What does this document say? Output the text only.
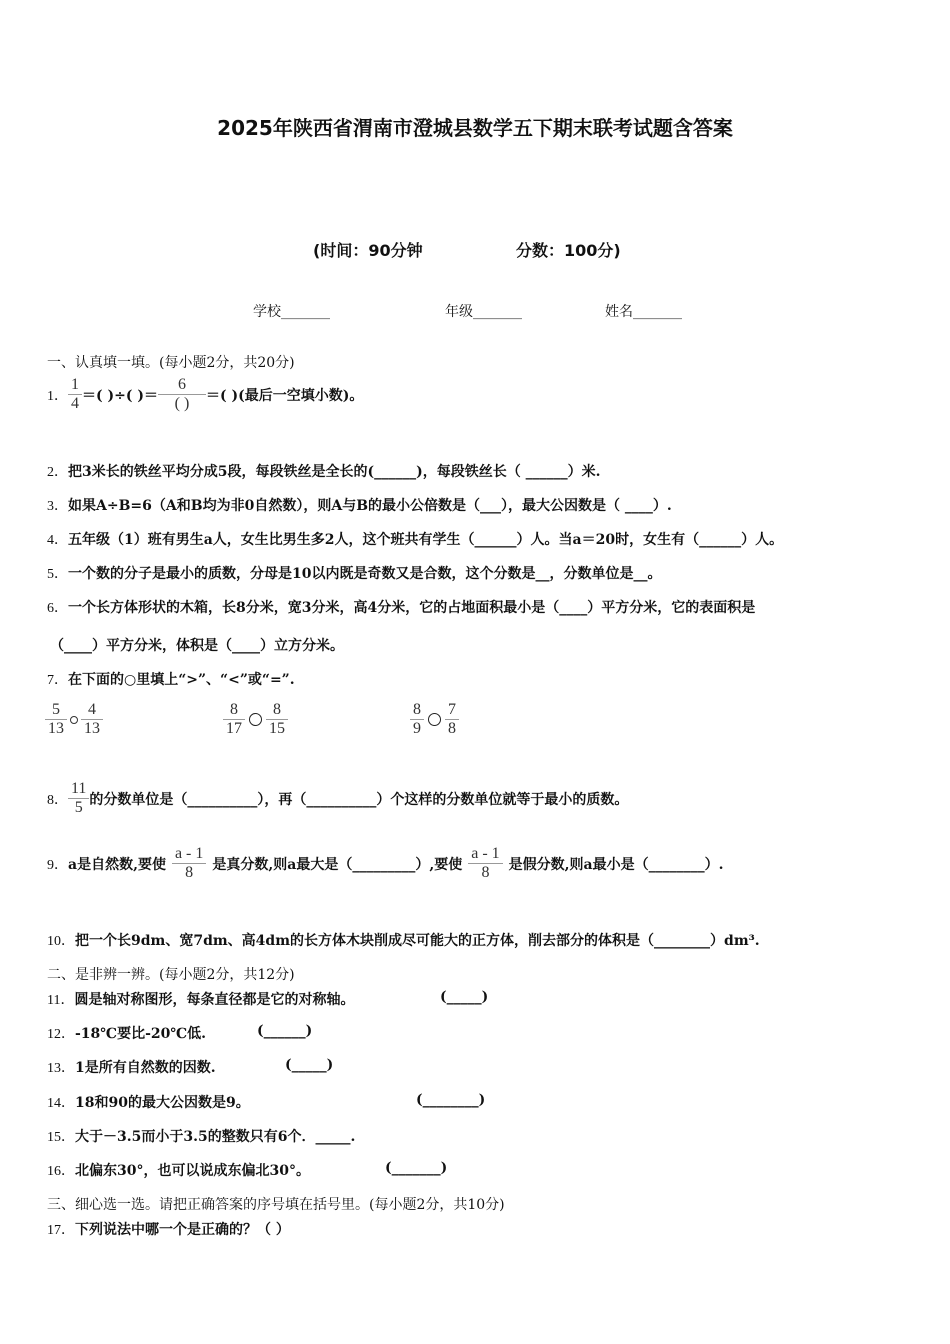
2025年陕西省渭南市澄城县数学五下期末联考试题含答案
(时间：90分钟	分数：100分)
学校_______	年级_______	姓名_______
一、认真填一填。(每小题2分，共20分)
1． $\frac{1}{4}$ ＝( )÷( )＝ $\frac{6}{( )}$ ＝( )(最后一空填小数)。
2．把3米长的铁丝平均分成5段，每段铁丝是全长的(______)，每段铁丝长（ ______）米.
3．如果A÷B=6（A和B均为非0自然数），则A与B的最小公倍数是（___），最大公因数是（ ____）.
4．五年级（1）班有男生a人，女生比男生多2人，这个班共有学生（______）人。当a＝20时，女生有（______）人。
5．一个数的分子是最小的质数，分母是10以内既是奇数又是合数，这个分数是__，分数单位是__。
6．一个长方体形状的木箱，长8分米，宽3分米，高4分米，它的占地面积最小是（____）平方分米，它的表面积是
（____）平方分米，体积是（____）立方分米。
7．在下面的○里填上“>”、“<”或“=”.
$\frac{5}{13} \frac{4}{13}$	$\frac{8}{17} \frac{8}{15}$	$\frac{8}{9} \frac{7}{8}$
8． $\frac{11}{5}$ 的分数单位是（__________），再（__________）个这样的分数单位就等于最小的质数。
9． a是自然数,要使 $\frac{a - 1}{8}$ 是真分数,则a最大是（_________）,要使 $\frac{a - 1}{8}$ 是假分数,则a最小是（________）.
10．把一个长9dm、宽7dm、高4dm的长方体木块削成尽可能大的正方体，削去部分的体积是（________）dm³.
二、是非辨一辨。(每小题2分，共12分)
11．圆是轴对称图形，每条直径都是它的对称轴。	(_____)
12．-18℃要比-20℃低.	(______)
13．1是所有自然数的因数.	(_____)
14．18和90的最大公因数是9。	(________)
15．大于－3.5而小于3.5的整数只有6个．_____.
16．北偏东30°，也可以说成东偏北30°。	(_______)
三、细心选一选。请把正确答案的序号填在括号里。(每小题2分，共10分)
17．下列说法中哪一个是正确的？（ ）
